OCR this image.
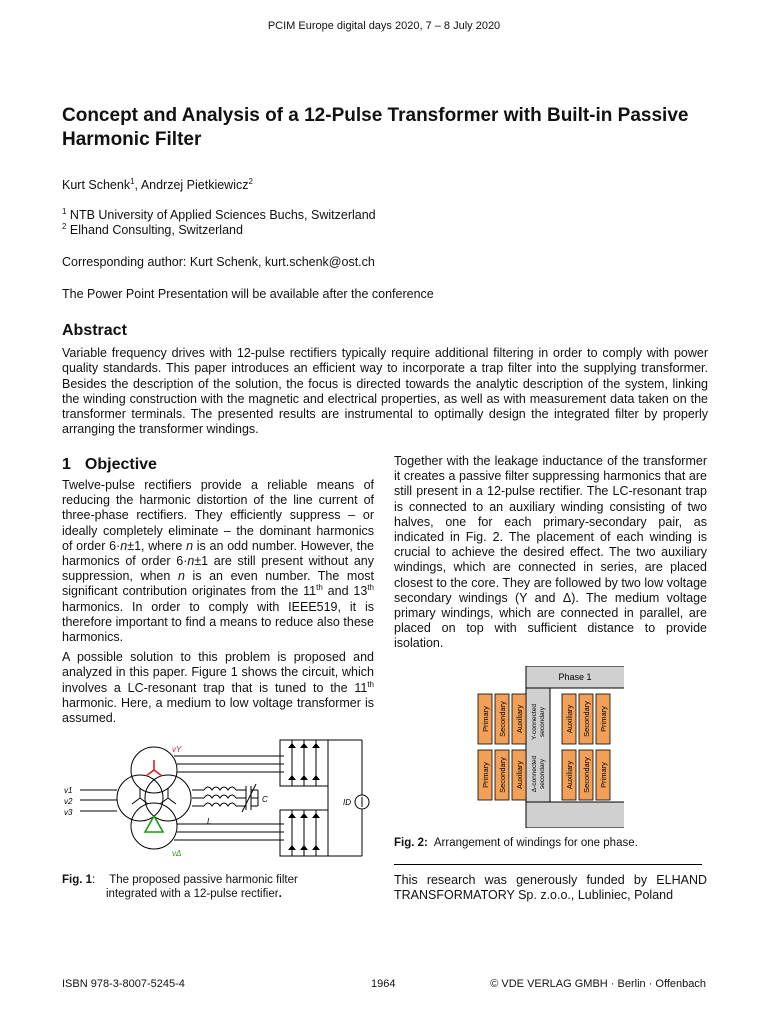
PCIM Europe digital days 2020, 7 – 8 July 2020
Concept and Analysis of a 12-Pulse Transformer with Built-in Passive Harmonic Filter
Kurt Schenk$^1$, Andrzej Pietkiewicz$^2$
$^1$ NTB University of Applied Sciences Buchs, Switzerland
$^2$ Elhand Consulting, Switzerland
Corresponding author: Kurt Schenk, kurt.schenk@ost.ch
The Power Point Presentation will be available after the conference
Abstract
Variable frequency drives with 12-pulse rectifiers typically require additional filtering in order to comply with power quality standards. This paper introduces an efficient way to incorporate a trap filter into the supplying transformer. Besides the description of the solution, the focus is directed towards the analytic description of the system, linking the winding construction with the magnetic and electrical properties, as well as with measurement data taken on the transformer terminals. The presented results are instrumental to optimally design the integrated filter by properly arranging the transformer windings.
1 Objective

Twelve-pulse rectifiers provide a reliable means of reducing the harmonic distortion of the line current of three-phase rectifiers. They efficiently suppress – or ideally completely eliminate – the dominant harmonics of order 6·n±1, where n is an odd number. However, the harmonics of order 6·n±1 are still present without any suppression, when n is an even number. The most significant contribution originates from the 11th and 13th harmonics. In order to comply with IEEE519, it is therefore important to find a means to reduce also these harmonics.

A possible solution to this problem is proposed and analyzed in this paper. Figure 1 shows the circuit, which involves a LC-resonant trap that is tuned to the 11th harmonic. Here, a medium to low voltage transformer is assumed.

Together with the leakage inductance of the transformer it creates a passive filter suppressing harmonics that are still present in a 12-pulse rectifier. The LC-resonant trap is connected to an auxiliary winding consisting of two halves, one for each primary-secondary pair, as indicated in Fig. 2. The placement of each winding is crucial to achieve the desired effect. The two auxiliary windings, which are connected in series, are placed closest to the core. They are followed by two low voltage secondary windings (Y and Δ). The medium voltage primary windings, which are connected in parallel, are placed on top with sufficient distance to provide isolation.

vY
v1
v2
v3
C
L
ID
vΔ
Fig. 1: The proposed passive harmonic filter
integrated with a 12-pulse rectifier.
Phase 1
Primary Secondary Auxiliary	Auxiliary Secondary Primary
Primary Secondary Auxiliary	Auxiliary Secondary Primary
Y-connected secondary
Δ-connected secondary
Fig. 2: Arrangement of windings for one phase.
This research was generously funded by ELHAND TRANSFORMATORY Sp. z.o.o., Lubliniec, Poland
ISBN 978-3-8007-5245-4	1964	© VDE VERLAG GMBH · Berlin · Offenbach
